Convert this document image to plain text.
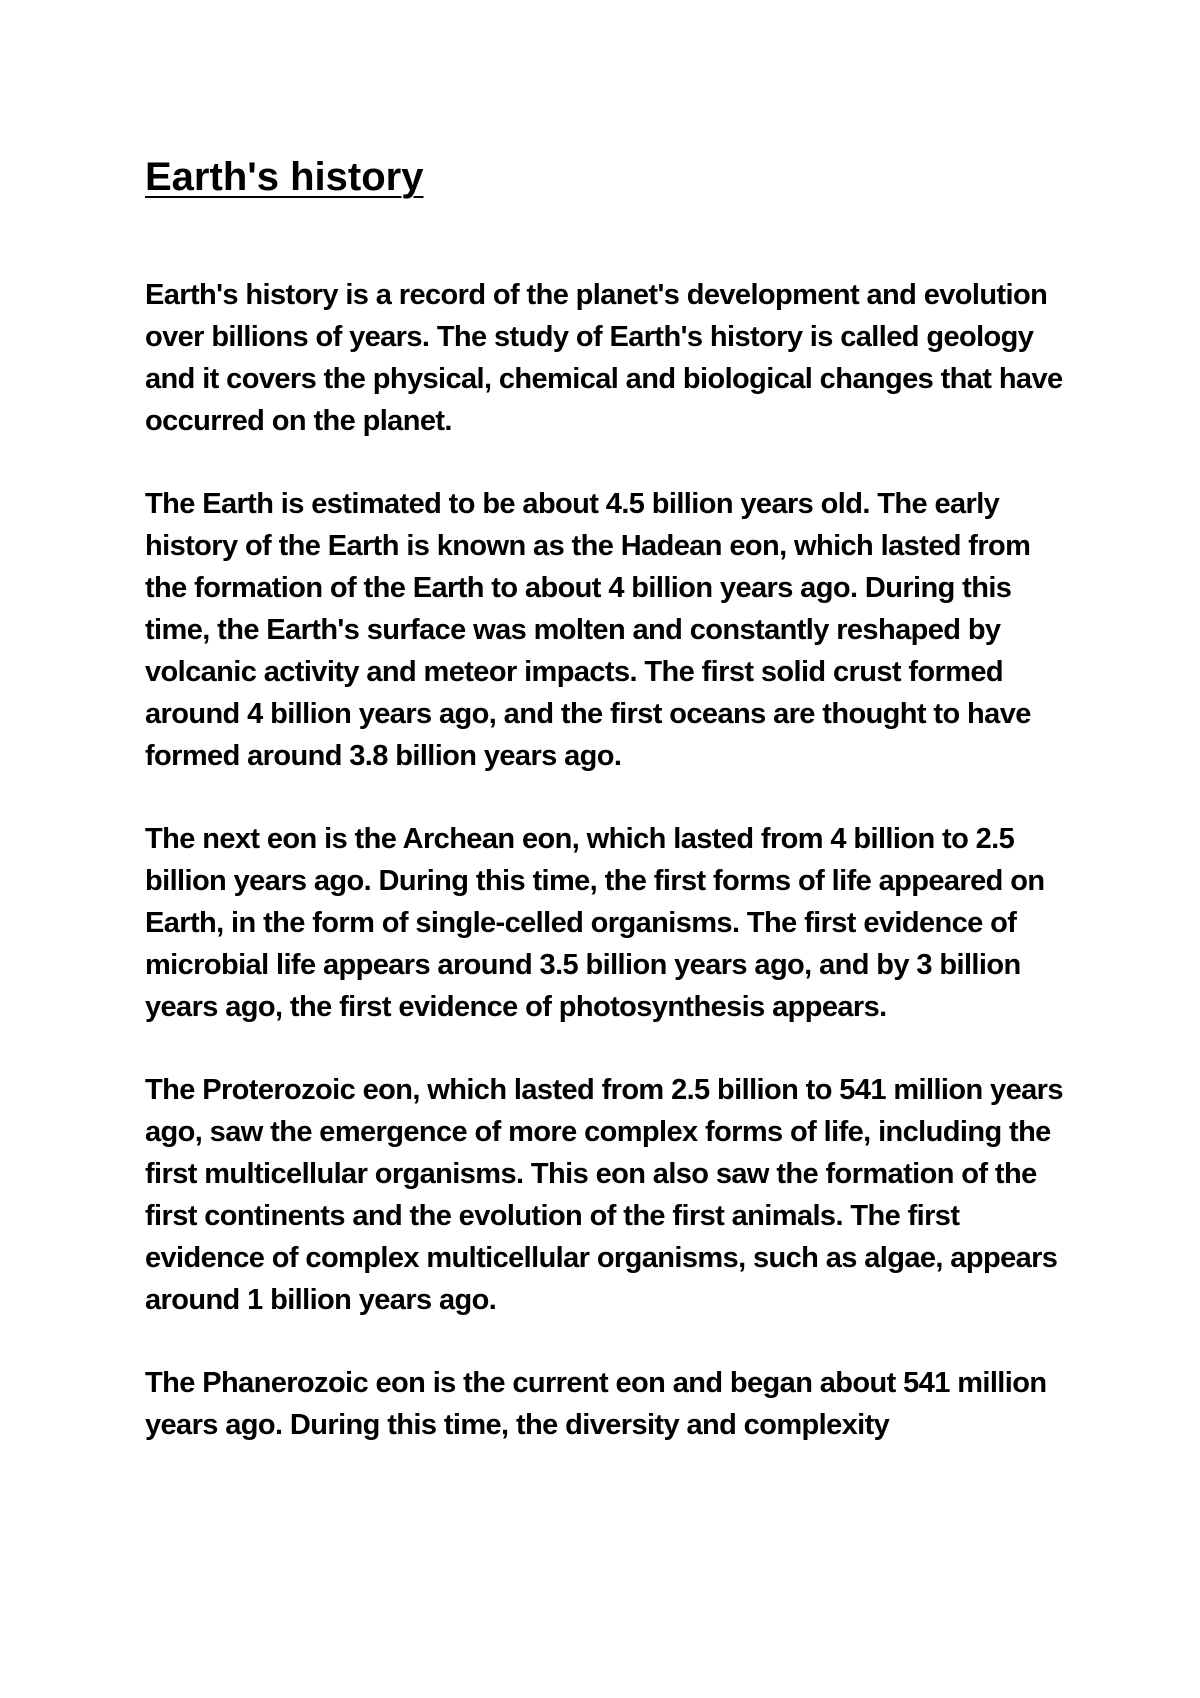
Earth's history

Earth's history is a record of the planet's development and evolution over billions of years. The study of Earth's history is called geology and it covers the physical, chemical and biological changes that have occurred on the planet.

The Earth is estimated to be about 4.5 billion years old. The early history of the Earth is known as the Hadean eon, which lasted from the formation of the Earth to about 4 billion years ago. During this time, the Earth's surface was molten and constantly reshaped by volcanic activity and meteor impacts. The first solid crust formed around 4 billion years ago, and the first oceans are thought to have formed around 3.8 billion years ago.

The next eon is the Archean eon, which lasted from 4 billion to 2.5 billion years ago. During this time, the first forms of life appeared on Earth, in the form of single-celled organisms. The first evidence of microbial life appears around 3.5 billion years ago, and by 3 billion years ago, the first evidence of photosynthesis appears.

The Proterozoic eon, which lasted from 2.5 billion to 541 million years ago, saw the emergence of more complex forms of life, including the first multicellular organisms. This eon also saw the formation of the first continents and the evolution of the first animals. The first evidence of complex multicellular organisms, such as algae, appears around 1 billion years ago.

The Phanerozoic eon is the current eon and began about 541 million years ago. During this time, the diversity and complexity
